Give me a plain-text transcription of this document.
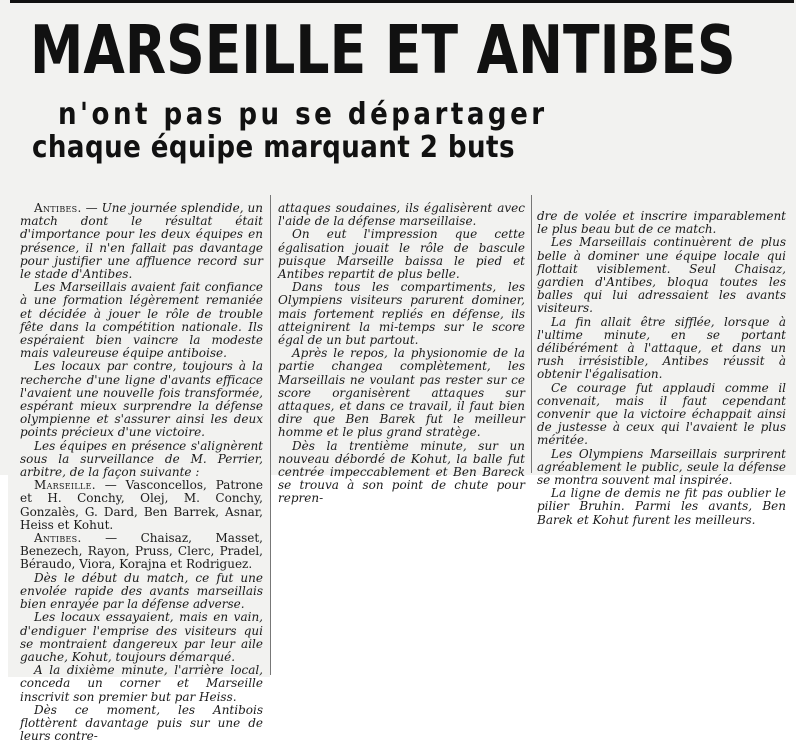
MARSEILLE ET ANTIBES
n'ont pas pu se départager
chaque équipe marquant 2 buts

Antibes. — Une journée splendide, un match dont le résultat était d'importance pour les deux équipes en présence, il n'en fallait pas davantage pour justifier une affluence record sur le stade d'Antibes.

Les Marseillais avaient fait confiance à une formation légèrement remaniée et décidée à jouer le rôle de trouble fête dans la compétition nationale. Ils espéraient bien vaincre la modeste mais valeureuse équipe antiboise.

Les locaux par contre, toujours à la recherche d'une ligne d'avants efficace l'avaient une nouvelle fois transformée, espérant mieux surprendre la défense olympienne et s'assurer ainsi les deux points précieux d'une victoire.

Les équipes en présence s'alignèrent sous la surveillance de M. Perrier, arbitre, de la façon suivante :

Marseille. — Vasconcellos, Patrone et H. Conchy, Olej, M. Conchy, Gonzalès, G. Dard, Ben Barrek, Asnar, Heiss et Kohut.

Antibes. — Chaisaz, Masset, Benezech, Rayon, Pruss, Clerc, Pradel, Béraudo, Viora, Korajna et Rodriguez.

Dès le début du match, ce fut une envolée rapide des avants marseillais bien enrayée par la défense adverse.

Les locaux essayaient, mais en vain, d'endiguer l'emprise des visiteurs qui se montraient dangereux par leur aile gauche, Kohut, toujours démarqué.

A la dixième minute, l'arrière local, conceda un corner et Marseille inscrivit son premier but par Heiss.

Dès ce moment, les Antibois flottèrent davantage puis sur une de leurs contre-

attaques soudaines, ils égalisèrent avec l'aide de la défense marseillaise.

On eut l'impression que cette égalisation jouait le rôle de bascule puisque Marseille baissa le pied et Antibes repartit de plus belle.

Dans tous les compartiments, les Olympiens visiteurs parurent dominer, mais fortement repliés en défense, ils atteignirent la mi-temps sur le score égal de un but partout.

Après le repos, la physionomie de la partie changea complètement, les Marseillais ne voulant pas rester sur ce score organisèrent attaques sur attaques, et dans ce travail, il faut bien dire que Ben Barek fut le meilleur homme et le plus grand stratège.

Dès la trentième minute, sur un nouveau débordé de Kohut, la balle fut centrée impeccablement et Ben Bareck se trouva à son point de chute pour repren-

dre de volée et inscrire imparablement le plus beau but de ce match.

Les Marseillais continuèrent de plus belle à dominer une équipe locale qui flottait visiblement. Seul Chaisaz, gardien d'Antibes, bloqua toutes les balles qui lui adressaient les avants visiteurs.

La fin allait être sifflée, lorsque à l'ultime minute, en se portant délibérément à l'attaque, et dans un rush irrésistible, Antibes réussit à obtenir l'égalisation.

Ce courage fut applaudi comme il convenait, mais il faut cependant convenir que la victoire échappait ainsi de justesse à ceux qui l'avaient le plus méritée.

Les Olympiens Marseillais surprirent agréablement le public, seule la défense se montra souvent mal inspirée.

La ligne de demis ne fit pas oublier le pilier Bruhin. Parmi les avants, Ben Barek et Kohut furent les meilleurs.
